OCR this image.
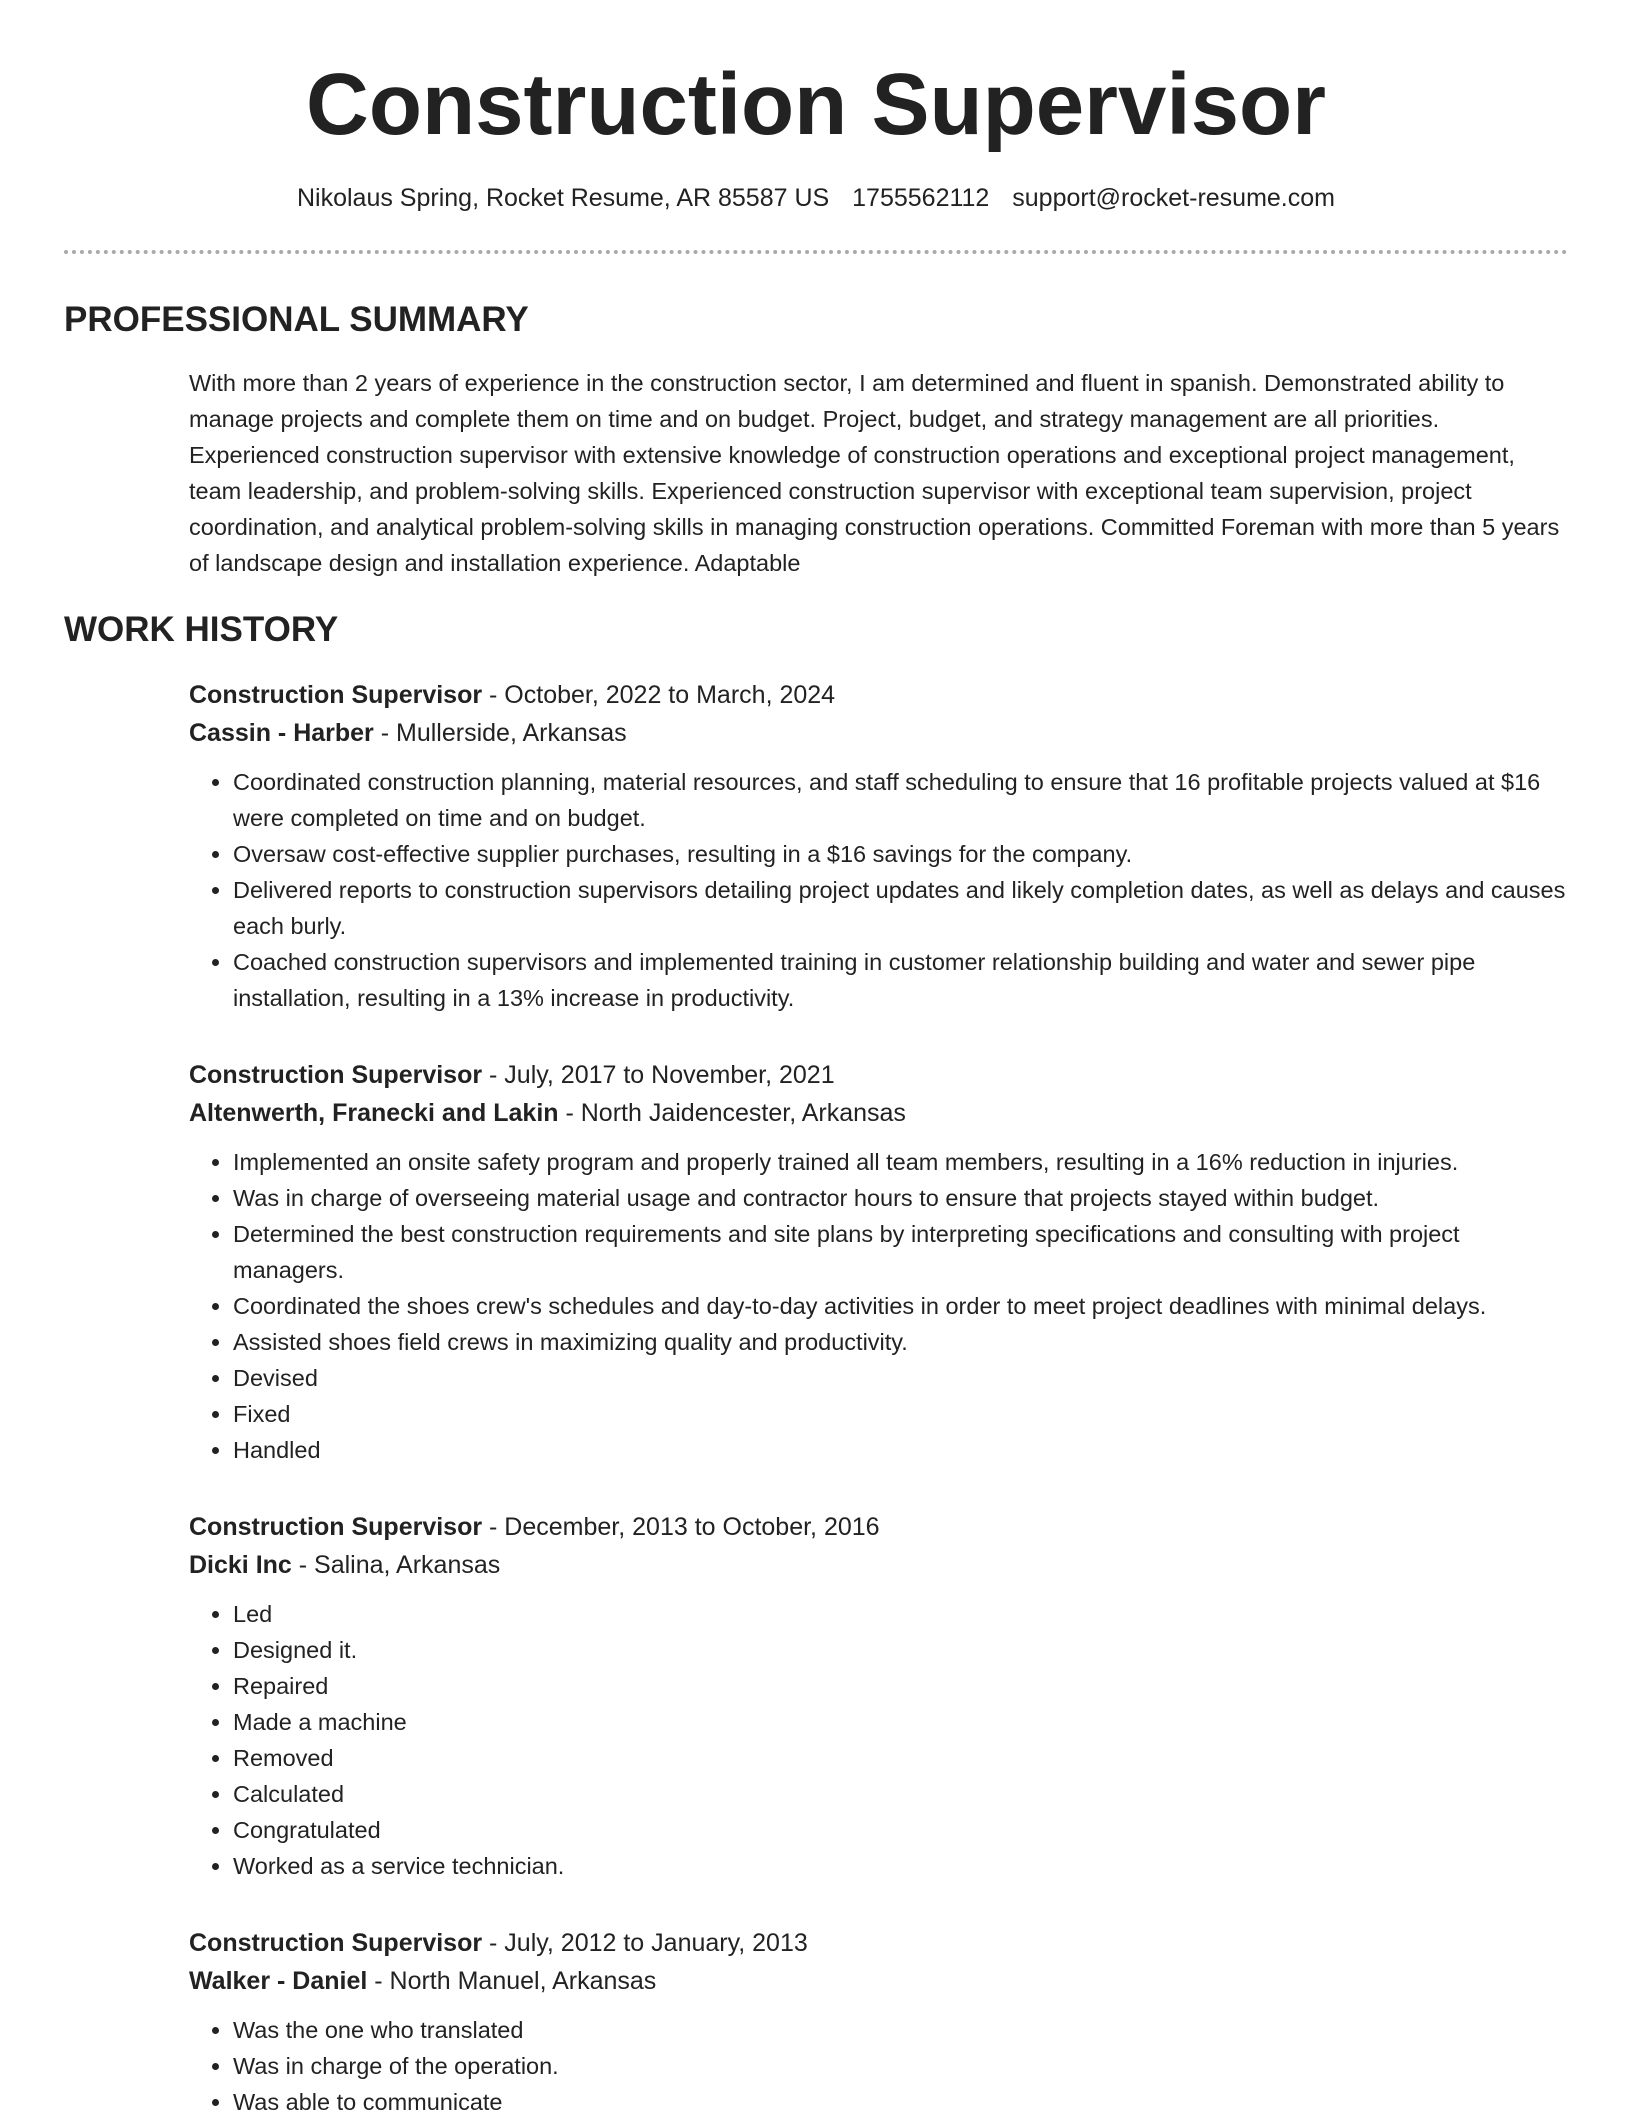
Construction Supervisor
Nikolaus Spring, Rocket Resume, AR 85587 US 1755562112 support@rocket-resume.com
PROFESSIONAL SUMMARY

With more than 2 years of experience in the construction sector, I am determined and fluent in spanish. Demonstrated ability to manage projects and complete them on time and on budget. Project, budget, and strategy management are all priorities. Experienced construction supervisor with extensive knowledge of construction operations and exceptional project management, team leadership, and problem-solving skills. Experienced construction supervisor with exceptional team supervision, project coordination, and analytical problem-solving skills in managing construction operations. Committed Foreman with more than 5 years of landscape design and installation experience. Adaptable

WORK HISTORY
Construction Supervisor - October, 2022 to March, 2024
Cassin - Harber - Mullerside, Arkansas
• Coordinated construction planning, material resources, and staff scheduling to ensure that 16 profitable projects valued at $16 were completed on time and on budget.
• Oversaw cost-effective supplier purchases, resulting in a $16 savings for the company.
• Delivered reports to construction supervisors detailing project updates and likely completion dates, as well as delays and causes each burly.
• Coached construction supervisors and implemented training in customer relationship building and water and sewer pipe installation, resulting in a 13% increase in productivity.
Construction Supervisor - July, 2017 to November, 2021
Altenwerth, Franecki and Lakin - North Jaidencester, Arkansas
• Implemented an onsite safety program and properly trained all team members, resulting in a 16% reduction in injuries.
• Was in charge of overseeing material usage and contractor hours to ensure that projects stayed within budget.
• Determined the best construction requirements and site plans by interpreting specifications and consulting with project managers.
• Coordinated the shoes crew's schedules and day-to-day activities in order to meet project deadlines with minimal delays.
• Assisted shoes field crews in maximizing quality and productivity.
• Devised
• Fixed
• Handled
Construction Supervisor - December, 2013 to October, 2016
Dicki Inc - Salina, Arkansas
• Led
• Designed it.
• Repaired
• Made a machine
• Removed
• Calculated
• Congratulated
• Worked as a service technician.
Construction Supervisor - July, 2012 to January, 2013
Walker - Daniel - North Manuel, Arkansas
• Was the one who translated
• Was in charge of the operation.
• Was able to communicate
